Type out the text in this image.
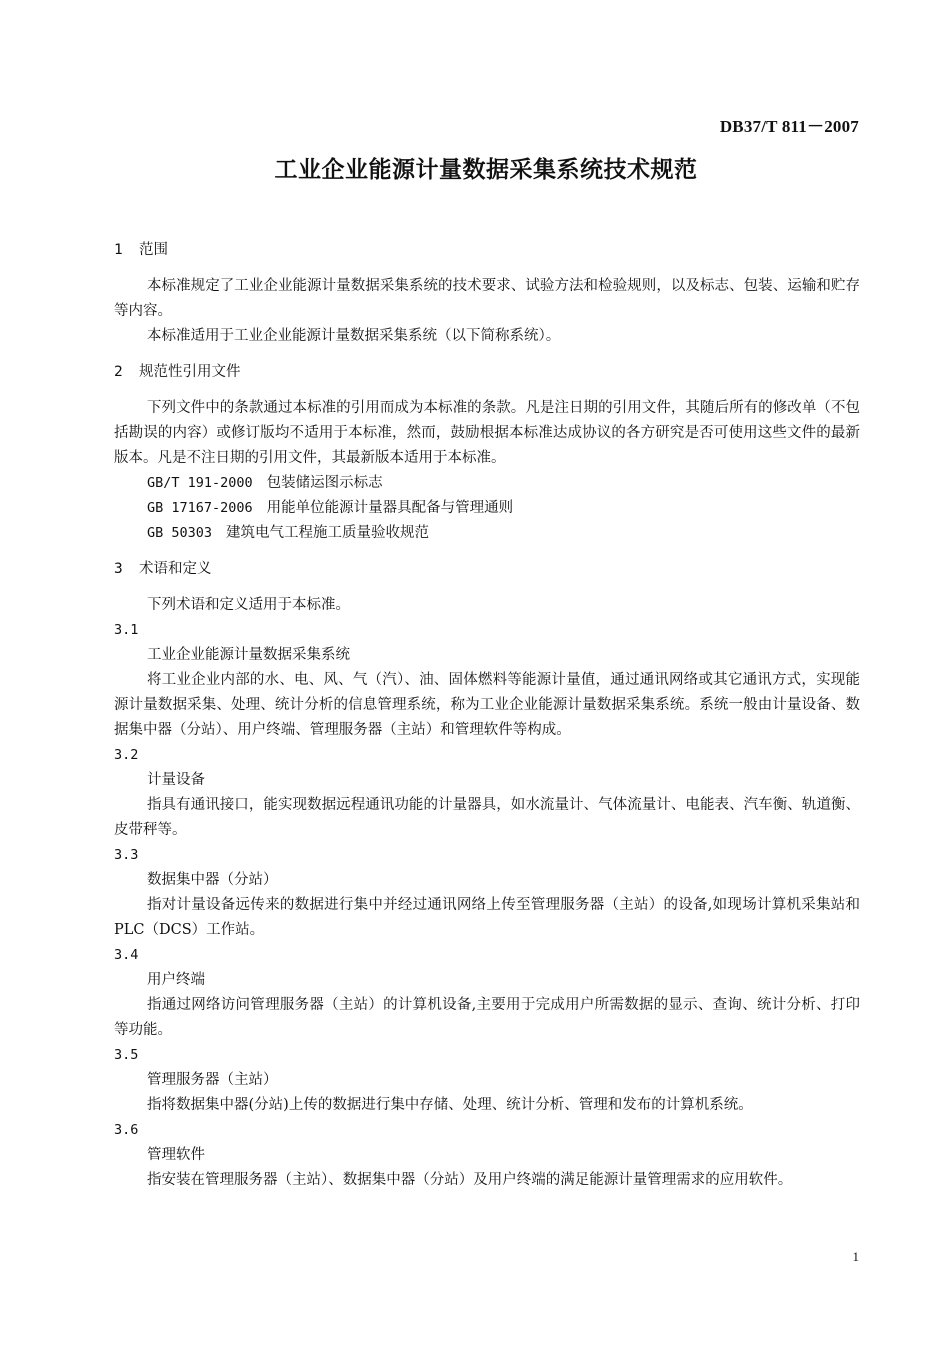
DB37/T 811－2007
工业企业能源计量数据采集系统技术规范
1 范围
本标准规定了工业企业能源计量数据采集系统的技术要求、试验方法和检验规则，以及标志、包装、运输和贮存等内容。
本标准适用于工业企业能源计量数据采集系统（以下简称系统）。
2 规范性引用文件
下列文件中的条款通过本标准的引用而成为本标准的条款。凡是注日期的引用文件，其随后所有的修改单（不包括勘误的内容）或修订版均不适用于本标准，然而，鼓励根据本标准达成协议的各方研究是否可使用这些文件的最新版本。凡是不注日期的引用文件，其最新版本适用于本标准。
GB/T 191-2000 包装储运图示标志
GB 17167-2006 用能单位能源计量器具配备与管理通则
GB 50303 建筑电气工程施工质量验收规范
3 术语和定义
下列术语和定义适用于本标准。
3.1
工业企业能源计量数据采集系统
将工业企业内部的水、电、风、气（汽）、油、固体燃料等能源计量值，通过通讯网络或其它通讯方式，实现能源计量数据采集、处理、统计分析的信息管理系统，称为工业企业能源计量数据采集系统。系统一般由计量设备、数据集中器（分站）、用户终端、管理服务器（主站）和管理软件等构成。
3.2
计量设备
指具有通讯接口，能实现数据远程通讯功能的计量器具，如水流量计、气体流量计、电能表、汽车衡、轨道衡、皮带秤等。
3.3
数据集中器（分站）
指对计量设备远传来的数据进行集中并经过通讯网络上传至管理服务器（主站）的设备,如现场计算机采集站和PLC（DCS）工作站。
3.4
用户终端
指通过网络访问管理服务器（主站）的计算机设备,主要用于完成用户所需数据的显示、查询、统计分析、打印等功能。
3.5
管理服务器（主站）
指将数据集中器(分站)上传的数据进行集中存储、处理、统计分析、管理和发布的计算机系统。
3.6
管理软件
指安装在管理服务器（主站）、数据集中器（分站）及用户终端的满足能源计量管理需求的应用软件。
1
